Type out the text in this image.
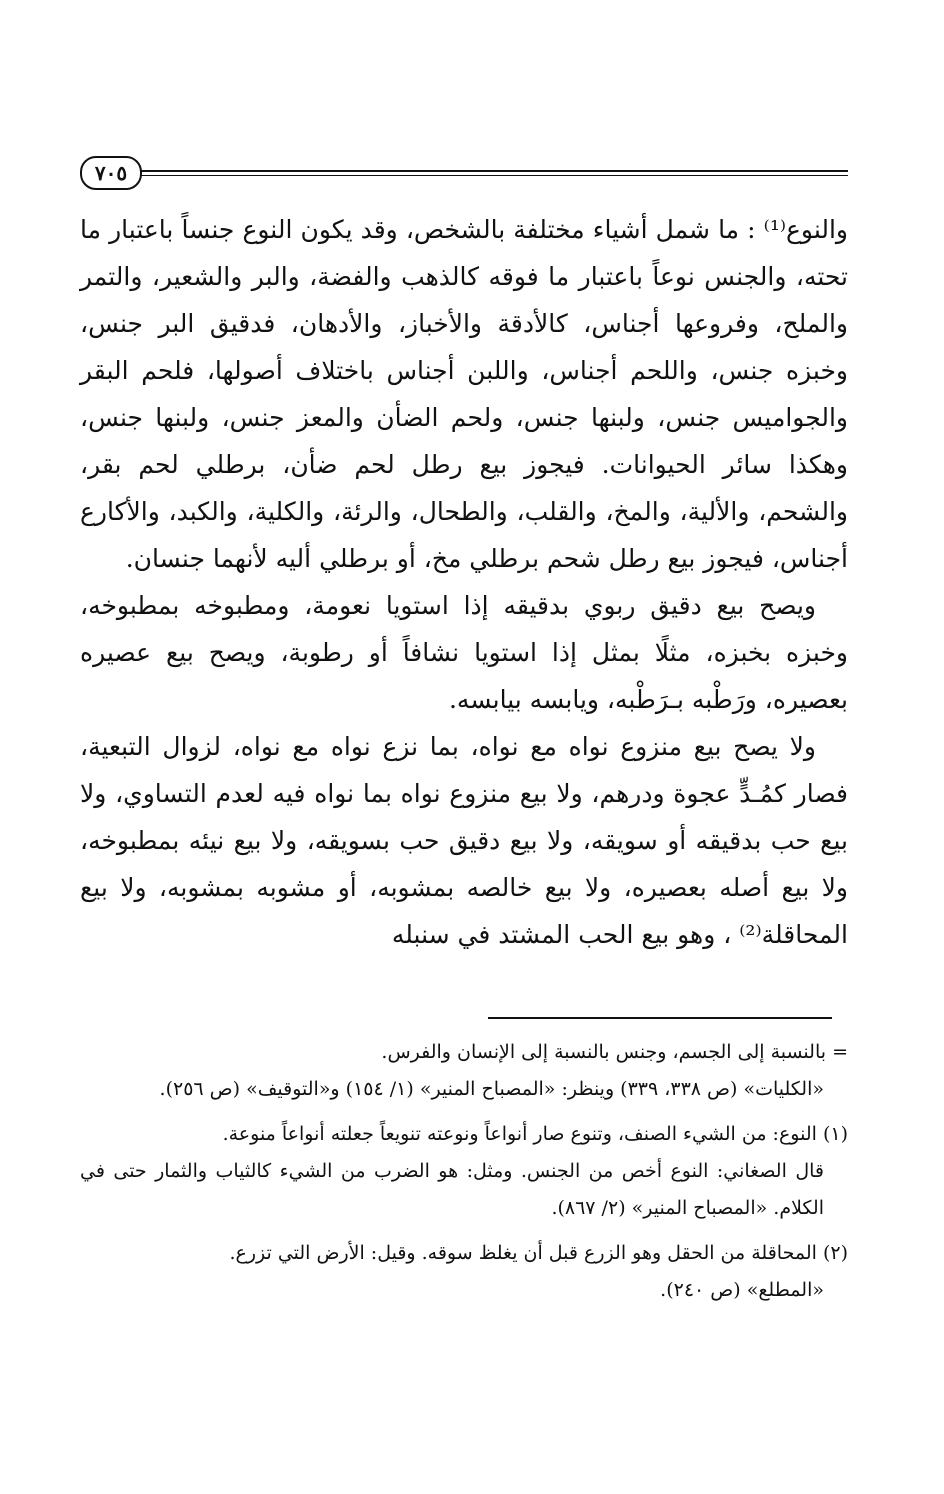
٧٠٥

والنوع⁽¹⁾ : ما شمل أشياء مختلفة بالشخص، وقد يكون النوع جنساً باعتبار ما تحته، والجنس نوعاً باعتبار ما فوقه كالذهب والفضة، والبر والشعير، والتمر والملح، وفروعها أجناس، كالأدقة والأخباز، والأدهان، فدقيق البر جنس، وخبزه جنس، واللحم أجناس، واللبن أجناس باختلاف أصولها، فلحم البقر والجواميس جنس، ولبنها جنس، ولحم الضأن والمعز جنس، ولبنها جنس، وهكذا سائر الحيوانات. فيجوز بيع رطل لحم ضأن، برطلي لحم بقر، والشحم، والألية، والمخ، والقلب، والطحال، والرئة، والكلية، والكبد، والأكارع أجناس، فيجوز بيع رطل شحم برطلي مخ، أو برطلي أليه لأنهما جنسان.

ويصح بيع دقيق ربوي بدقيقه إذا استويا نعومة، ومطبوخه بمطبوخه، وخبزه بخبزه، مثلًا بمثل إذا استويا نشافاً أو رطوبة، ويصح بيع عصيره بعصيره، ورَطْبه بـرَطْبه، ويابسه بيابسه.

ولا يصح بيع منزوع نواه مع نواه، بما نزع نواه مع نواه، لزوال التبعية، فصار كمُـدٍّ عجوة ودرهم، ولا بيع منزوع نواه بما نواه فيه لعدم التساوي، ولا بيع حب بدقيقه أو سويقه، ولا بيع دقيق حب بسويقه، ولا بيع نيئه بمطبوخه، ولا بيع أصله بعصيره، ولا بيع خالصه بمشوبه، أو مشوبه بمشوبه، ولا بيع المحاقلة⁽²⁾ ، وهو بيع الحب المشتد في سنبله

= بالنسبة إلى الجسم، وجنس بالنسبة إلى الإنسان والفرس.

«الكليات» (ص ٣٣٨، ٣٣٩) وينظر: «المصباح المنير» (١/ ١٥٤) و«التوقيف» (ص ٢٥٦).

(١) النوع: من الشيء الصنف، وتنوع صار أنواعاً ونوعته تنويعاً جعلته أنواعاً منوعة.

قال الصغاني: النوع أخص من الجنس. ومثل: هو الضرب من الشيء كالثياب والثمار حتى في الكلام. «المصباح المنير» (٢/ ٨٦٧).

(٢) المحاقلة من الحقل وهو الزرع قبل أن يغلظ سوقه. وقيل: الأرض التي تزرع.

«المطلع» (ص ٢٤٠).
